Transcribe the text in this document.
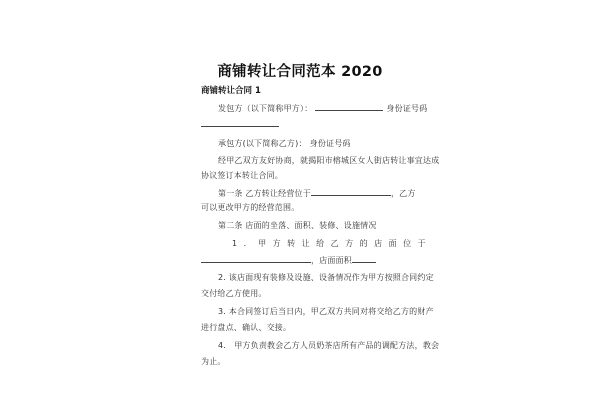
商铺转让合同范本 2020
商铺转让合同 1
发包方（以下简称甲方）：	身份证号码
承包方(以下简称乙方)： 身份证号码
经甲乙双方友好协商，就揭阳市榕城区女人街店转让事宜达成
协议签订本转让合同。
第一条 乙方转让经营位于	，乙方
可以更改甲方的经营范围。
第二条 店面的坐落、面积、装修、设施情况
1．甲方转让给乙方的店面位于
，店面面积
2. 该店面现有装修及设施、设备情况作为甲方按照合同约定
交付给乙方使用。
3. 本合同签订后当日内，甲乙双方共同对将交给乙方的财产
进行盘点、确认、交接。
4． 甲方负责教会乙方人员奶茶店所有产品的调配方法，教会
为止。
